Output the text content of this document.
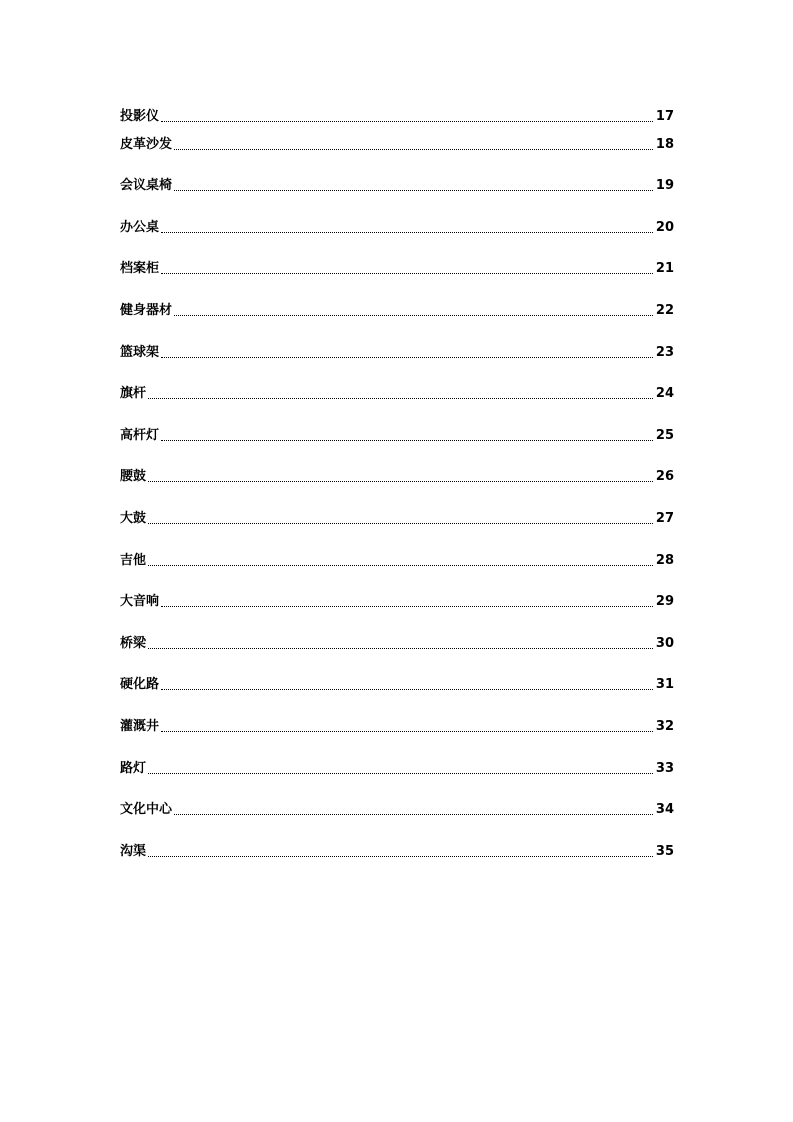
投影仪	17
皮革沙发	18
会议桌椅	19
办公桌	20
档案柜	21
健身器材	22
篮球架	23
旗杆	24
高杆灯	25
腰鼓	26
大鼓	27
吉他	28
大音响	29
桥梁	30
硬化路	31
灌溉井	32
路灯	33
文化中心	34
沟渠	35
